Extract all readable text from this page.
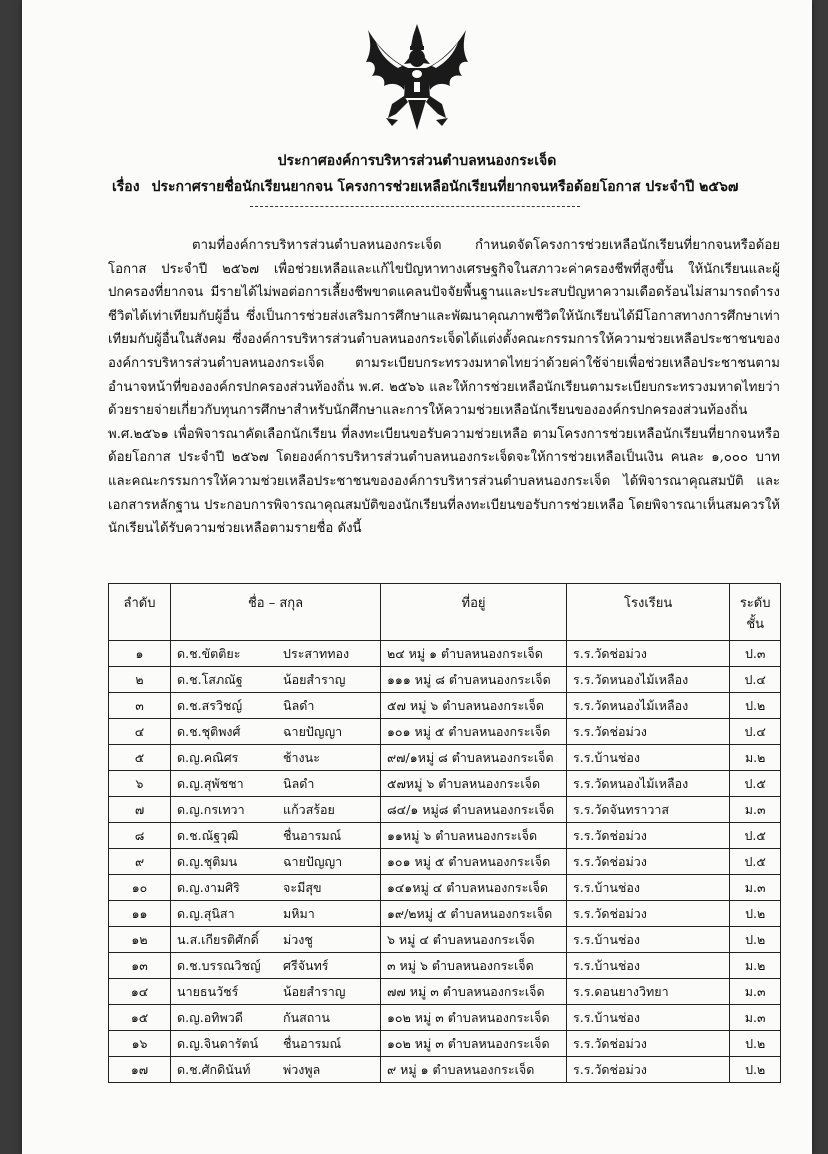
ประกาศองค์การบริหารส่วนตำบลหนองกระเจ็ด
เรื่อง ประกาศรายชื่อนักเรียนยากจน โครงการช่วยเหลือนักเรียนที่ยากจนหรือด้อยโอกาส ประจำปี ๒๕๖๗

ตามที่องค์การบริหารส่วนตำบลหนองกระเจ็ด กำหนดจัดโครงการช่วยเหลือนักเรียนที่ยากจนหรือด้อยโอกาส ประจำปี ๒๕๖๗ เพื่อช่วยเหลือและแก้ไขปัญหาทางเศรษฐกิจในสภาวะค่าครองชีพที่สูงขึ้น ให้นักเรียนและผู้ปกครองที่ยากจน มีรายได้ไม่พอต่อการเลี้ยงชีพขาดแคลนปัจจัยพื้นฐานและประสบปัญหาความเดือดร้อนไม่สามารถดำรงชีวิตได้เท่าเทียมกับผู้อื่น ซึ่งเป็นการช่วยส่งเสริมการศึกษาและพัฒนาคุณภาพชีวิตให้นักเรียนได้มีโอกาสทางการศึกษาเท่าเทียมกับผู้อื่นในสังคม ซึ่งองค์การบริหารส่วนตำบลหนองกระเจ็ดได้แต่งตั้งคณะกรรมการให้ความช่วยเหลือประชาชนขององค์การบริหารส่วนตำบลหนองกระเจ็ด ตามระเบียบกระทรวงมหาดไทยว่าด้วยค่าใช้จ่ายเพื่อช่วยเหลือประชาชนตามอำนาจหน้าที่ขององค์กรปกครองส่วนท้องถิ่น พ.ศ. ๒๕๖๖ และให้การช่วยเหลือนักเรียนตามระเบียบกระทรวงมหาดไทยว่าด้วยรายจ่ายเกี่ยวกับทุนการศึกษาสำหรับนักศึกษาและการให้ความช่วยเหลือนักเรียนขององค์กรปกครองส่วนท้องถิ่น พ.ศ.๒๕๖๑ เพื่อพิจารณาคัดเลือกนักเรียน ที่ลงทะเบียนขอรับความช่วยเหลือ ตามโครงการช่วยเหลือนักเรียนที่ยากจนหรือด้อยโอกาส ประจำปี ๒๕๖๗ โดยองค์การบริหารส่วนตำบลหนองกระเจ็ดจะให้การช่วยเหลือเป็นเงิน คนละ ๑,๐๐๐ บาท และคณะกรรมการให้ความช่วยเหลือประชาชนขององค์การบริหารส่วนตำบลหนองกระเจ็ด ได้พิจารณาคุณสมบัติ และเอกสารหลักฐาน ประกอบการพิจารณาคุณสมบัติของนักเรียนที่ลงทะเบียนขอรับการช่วยเหลือ โดยพิจารณาเห็นสมควรให้นักเรียนได้รับความช่วยเหลือตามรายชื่อ ดังนี้

ลำดับ	ชื่อ – สกุล	ที่อยู่	โรงเรียน	ระดับชั้น
๑	ด.ช.ขัตติยะ ประสาททอง	๒๔ หมู่ ๑ ตำบลหนองกระเจ็ด	ร.ร.วัดช่อม่วง	ป.๓
๒	ด.ช.โสภณัฐ น้อยสำราญ	๑๑๑ หมู่ ๘ ตำบลหนองกระเจ็ด	ร.ร.วัดหนองไม้เหลือง	ป.๔
๓	ด.ช.สรวิชญ์ นิลดำ	๕๗ หมู่ ๖ ตำบลหนองกระเจ็ด	ร.ร.วัดหนองไม้เหลือง	ป.๒
๔	ด.ช.ชุติพงศ์ ฉายปัญญา	๑๐๑ หมู่ ๕ ตำบลหนองกระเจ็ด	ร.ร.วัดช่อม่วง	ป.๔
๕	ด.ญ.คณิศร ช้างนะ	๙๗/๑หมู่ ๘ ตำบลหนองกระเจ็ด	ร.ร.บ้านช่อง	ม.๒
๖	ด.ญ.สุพัชชา นิลดำ	๕๗หมู่ ๖ ตำบลหนองกระเจ็ด	ร.ร.วัดหนองไม้เหลือง	ป.๕
๗	ด.ญ.กรเทวา แก้วสร้อย	๘๔/๑ หมู่๘ ตำบลหนองกระเจ็ด	ร.ร.วัดจันทราวาส	ม.๓
๘	ด.ช.ณัฐวุฒิ ชื่นอารมณ์	๑๑หมู่ ๖ ตำบลหนองกระเจ็ด	ร.ร.วัดช่อม่วง	ป.๕
๙	ด.ญ.ชุติมน ฉายปัญญา	๑๐๑ หมู่ ๕ ตำบลหนองกระเจ็ด	ร.ร.วัดช่อม่วง	ป.๕
๑๐	ด.ญ.งามศิริ จะมีสุข	๑๔๑หมู่ ๔ ตำบลหนองกระเจ็ด	ร.ร.บ้านช่อง	ม.๓
๑๑	ด.ญ.สุนิสา มหิมา	๑๙/๒หมู่ ๕ ตำบลหนองกระเจ็ด	ร.ร.วัดช่อม่วง	ป.๒
๑๒	น.ส.เกียรติศักดิ์ ม่วงชู	๖ หมู่ ๔ ตำบลหนองกระเจ็ด	ร.ร.บ้านช่อง	ป.๒
๑๓	ด.ช.บรรณวิชญ์ ศรีจันทร์	๓ หมู่ ๖ ตำบลหนองกระเจ็ด	ร.ร.บ้านช่อง	ม.๒
๑๔	นายธนวัชร์ น้อยสำราญ	๗๗ หมู่ ๓ ตำบลหนองกระเจ็ด	ร.ร.ดอนยางวิทยา	ม.๓
๑๕	ด.ญ.อทิพวดี กันสถาน	๑๐๒ หมู่ ๓ ตำบลหนองกระเจ็ด	ร.ร.บ้านช่อง	ม.๓
๑๖	ด.ญ.จินดารัตน์ ชื่นอารมณ์	๑๐๒ หมู่ ๓ ตำบลหนองกระเจ็ด	ร.ร.วัดช่อม่วง	ป.๒
๑๗	ด.ช.ศักดินันท์ พ่วงพูล	๙ หมู่ ๑ ตำบลหนองกระเจ็ด	ร.ร.วัดช่อม่วง	ป.๒
